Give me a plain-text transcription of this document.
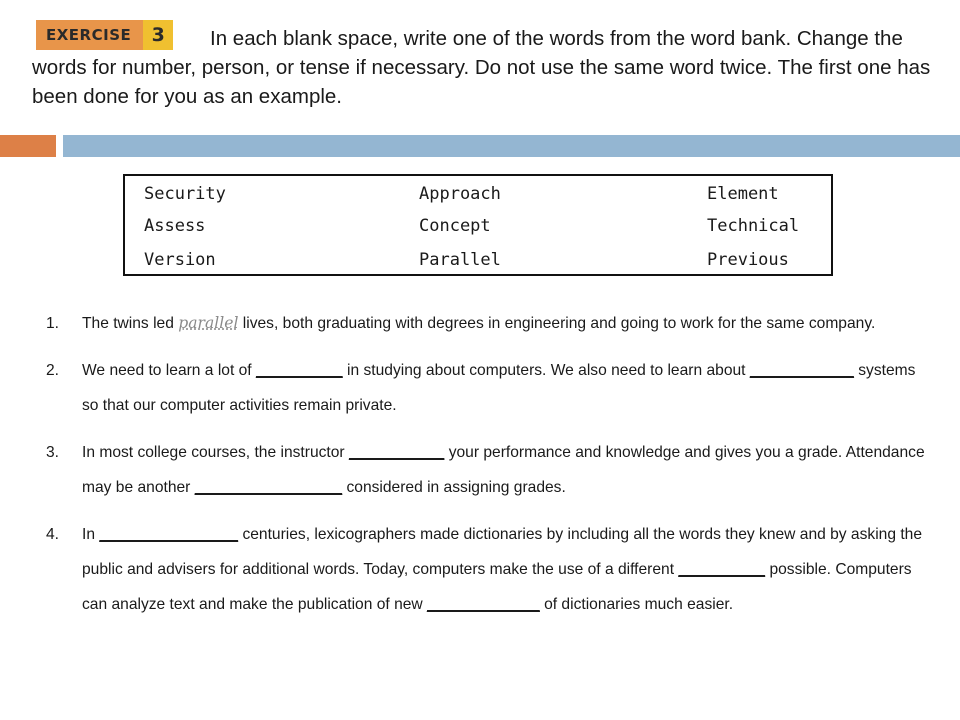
EXERCISE	3	In each blank space, write one of the words from the word bank. Change the words for number, person, or tense if necessary. Do not use the same word twice. The first one has been done for you as an example.

Security	Approach	Element
Assess	Concept	Technical
Version	Parallel	Previous
1. The twins led parallel lives, both graduating with degrees in engineering and going to work for the same company.
2. We need to learn a lot of __________ in studying about computers. We also need to learn about ____________ systems so that our computer activities remain private.
3. In most college courses, the instructor ___________ your performance and knowledge and gives you a grade. Attendance may be another _________________ considered in assigning grades.
4. In ________________ centuries, lexicographers made dictionaries by including all the words they knew and by asking the public and advisers for additional words. Today, computers make the use of a different __________ possible. Computers can analyze text and make the publication of new _____________ of dictionaries much easier.
